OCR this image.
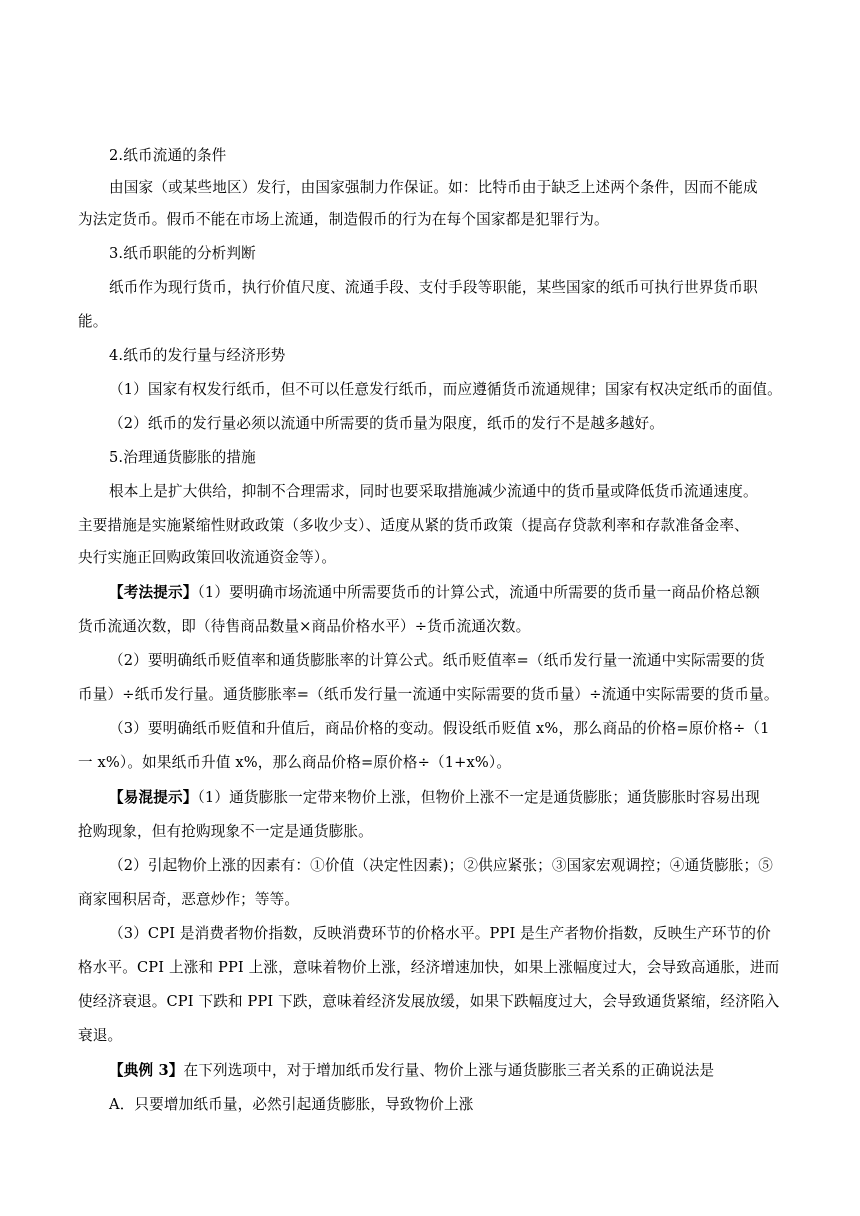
2.纸币流通的条件
由国家（或某些地区）发行，由国家强制力作保证。如：比特币由于缺乏上述两个条件，因而不能成
为法定货币。假币不能在市场上流通，制造假币的行为在每个国家都是犯罪行为。
3.纸币职能的分析判断
纸币作为现行货币，执行价值尺度、流通手段、支付手段等职能，某些国家的纸币可执行世界货币职
能。
4.纸币的发行量与经济形势
（1）国家有权发行纸币，但不可以任意发行纸币，而应遵循货币流通规律；国家有权决定纸币的面值。
（2）纸币的发行量必须以流通中所需要的货币量为限度，纸币的发行不是越多越好。
5.治理通货膨胀的措施
根本上是扩大供给，抑制不合理需求，同时也要采取措施减少流通中的货币量或降低货币流通速度。
主要措施是实施紧缩性财政政策（多收少支）、适度从紧的货币政策（提高存贷款利率和存款准备金率、
央行实施正回购政策回收流通资金等）。
【考法提示】（1）要明确市场流通中所需要货币的计算公式，流通中所需要的货币量一商品价格总额
货币流通次数，即（待售商品数量×商品价格水平）÷货币流通次数。
（2）要明确纸币贬值率和通货膨胀率的计算公式。纸币贬值率=（纸币发行量一流通中实际需要的货
币量）÷纸币发行量。通货膨胀率=（纸币发行量一流通中实际需要的货币量）÷流通中实际需要的货币量。
（3）要明确纸币贬值和升值后，商品价格的变动。假设纸币贬值 x%，那么商品的价格=原价格÷（1
一 x%）。如果纸币升值 x%，那么商品价格=原价格÷（1+x%）。
【易混提示】（1）通货膨胀一定带来物价上涨，但物价上涨不一定是通货膨胀；通货膨胀时容易出现
抢购现象，但有抢购现象不一定是通货膨胀。
（2）引起物价上涨的因素有：①价值（决定性因素)；②供应紧张；③国家宏观调控；④通货膨胀；⑤
商家囤积居奇，恶意炒作；等等。
（3）CPI 是消费者物价指数，反映消费环节的价格水平。PPI 是生产者物价指数，反映生产环节的价
格水平。CPI 上涨和 PPI 上涨，意味着物价上涨，经济增速加快，如果上涨幅度过大，会导致高通胀，进而
使经济衰退。CPI 下跌和 PPI 下跌，意味着经济发展放缓，如果下跌幅度过大，会导致通货紧缩，经济陷入
衰退。
【典例 3】在下列选项中，对于增加纸币发行量、物价上涨与通货膨胀三者关系的正确说法是
A．只要增加纸币量，必然引起通货膨胀，导致物价上涨
